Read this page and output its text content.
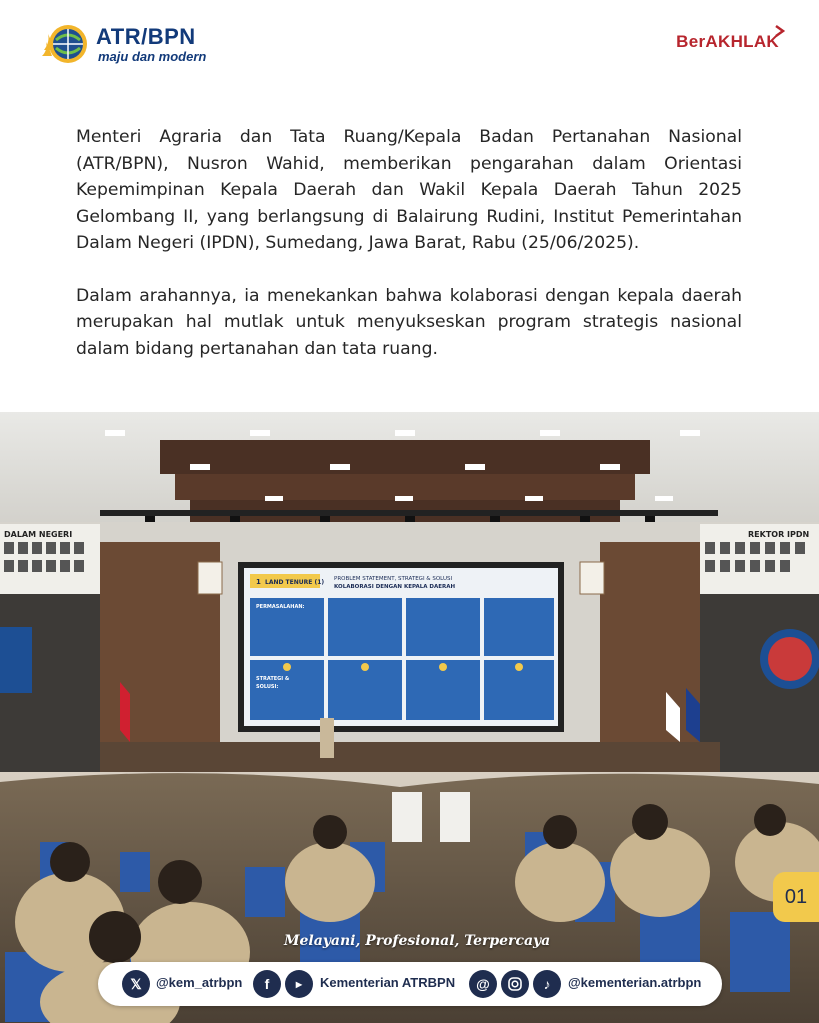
ATR/BPN
maju dan modern
BerAKHLAK

Menteri Agraria dan Tata Ruang/Kepala Badan Pertanahan Nasional (ATR/BPN), Nusron Wahid, memberikan pengarahan dalam Orientasi Kepemimpinan Kepala Daerah dan Wakil Kepala Daerah Tahun 2025 Gelombang II, yang berlangsung di Balairung Rudini, Institut Pemerintahan Dalam Negeri (IPDN), Sumedang, Jawa Barat, Rabu (25/06/2025).

Dalam arahannya, ia menekankan bahwa kolaborasi dengan kepala daerah merupakan hal mutlak untuk menyukseskan program strategis nasional dalam bidang pertanahan dan tata ruang.

DALAM NEGERI	REKTOR IPDN
1 LAND TENURE (1) PROBLEM STATEMENT, STRATEGI & SOLUSI
KOLABORASI DENGAN KEPALA DAERAH
PERMASALAHAN:
STRATEGI &
SOLUSI:
01
Melayani, Profesional, Terpercaya
𝕏	@kem_atrbpn	f	▶	Kementerian ATRBPN	@	♪	@kementerian.atrbpn
